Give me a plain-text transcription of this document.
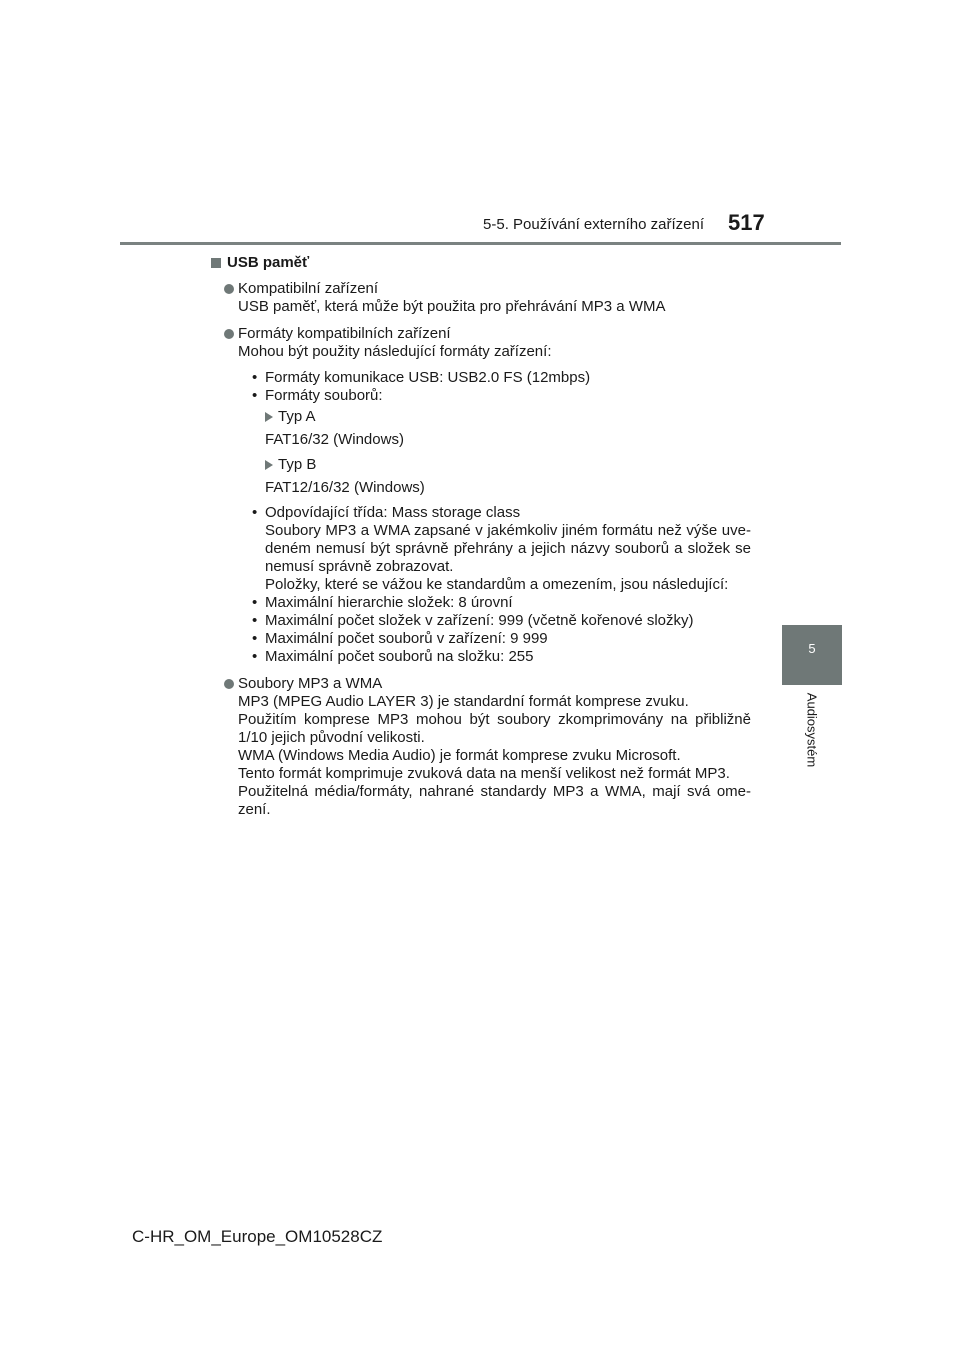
5-5. Používání externího zařízení 517
5
Audiosystém
USB paměť
Kompatibilní zařízení
USB paměť, která může být použita pro přehrávání MP3 a WMA
Formáty kompatibilních zařízení
Mohou být použity následující formáty zařízení:
• Formáty komunikace USB: USB2.0 FS (12mbps)
• Formáty souborů:
Typ A
FAT16/32 (Windows)
Typ B
FAT12/16/32 (Windows)
• Odpovídající třída: Mass storage class
Soubory MP3 a WMA zapsané v jakémkoliv jiném formátu než výše uve-
deném nemusí být správně přehrány a jejich názvy souborů a složek se
nemusí správně zobrazovat.
Položky, které se vážou ke standardům a omezením, jsou následující:
• Maximální hierarchie složek: 8 úrovní
• Maximální počet složek v zařízení: 999 (včetně kořenové složky)
• Maximální počet souborů v zařízení: 9 999
• Maximální počet souborů na složku: 255
Soubory MP3 a WMA
MP3 (MPEG Audio LAYER 3) je standardní formát komprese zvuku.
Použitím komprese MP3 mohou být soubory zkomprimovány na přibližně
1/10 jejich původní velikosti.
WMA (Windows Media Audio) je formát komprese zvuku Microsoft.
Tento formát komprimuje zvuková data na menší velikost než formát MP3.
Použitelná média/formáty, nahrané standardy MP3 a WMA, mají svá ome-
zení.
C-HR_OM_Europe_OM10528CZ
